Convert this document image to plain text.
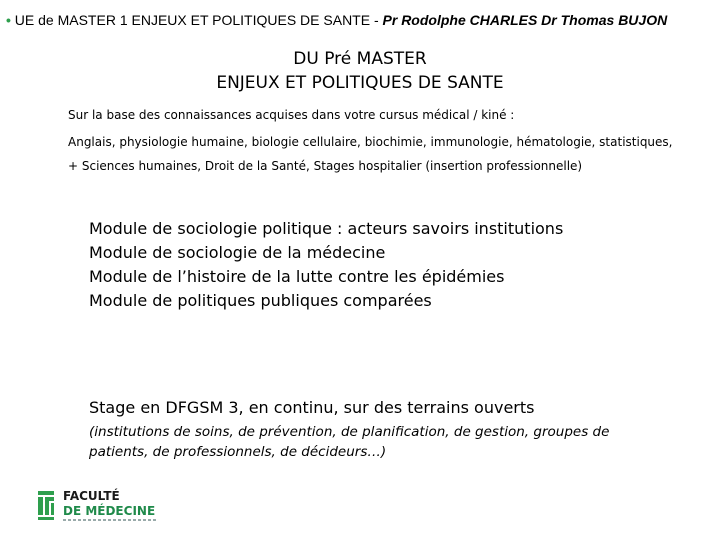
• UE de MASTER 1 ENJEUX ET POLITIQUES DE SANTE - Pr Rodolphe CHARLES Dr Thomas BUJON
DU Pré MASTER
ENJEUX ET POLITIQUES DE SANTE

Sur la base des connaissances acquises dans votre cursus médical / kiné :

Anglais, physiologie humaine, biologie cellulaire, biochimie, immunologie, hématologie, statistiques,

+ Sciences humaines, Droit de la Santé, Stages hospitalier (insertion professionnelle)

Module de sociologie politique : acteurs savoirs institutions
Module de sociologie de la médecine
Module de l’histoire de la lutte contre les épidémies
Module de politiques publiques comparées
Stage en DFGSM 3, en continu, sur des terrains ouverts
(institutions de soins, de prévention, de planification, de gestion, groupes de patients, de professionnels, de décideurs…)
FACULTÉ
DE MÉDECINE
